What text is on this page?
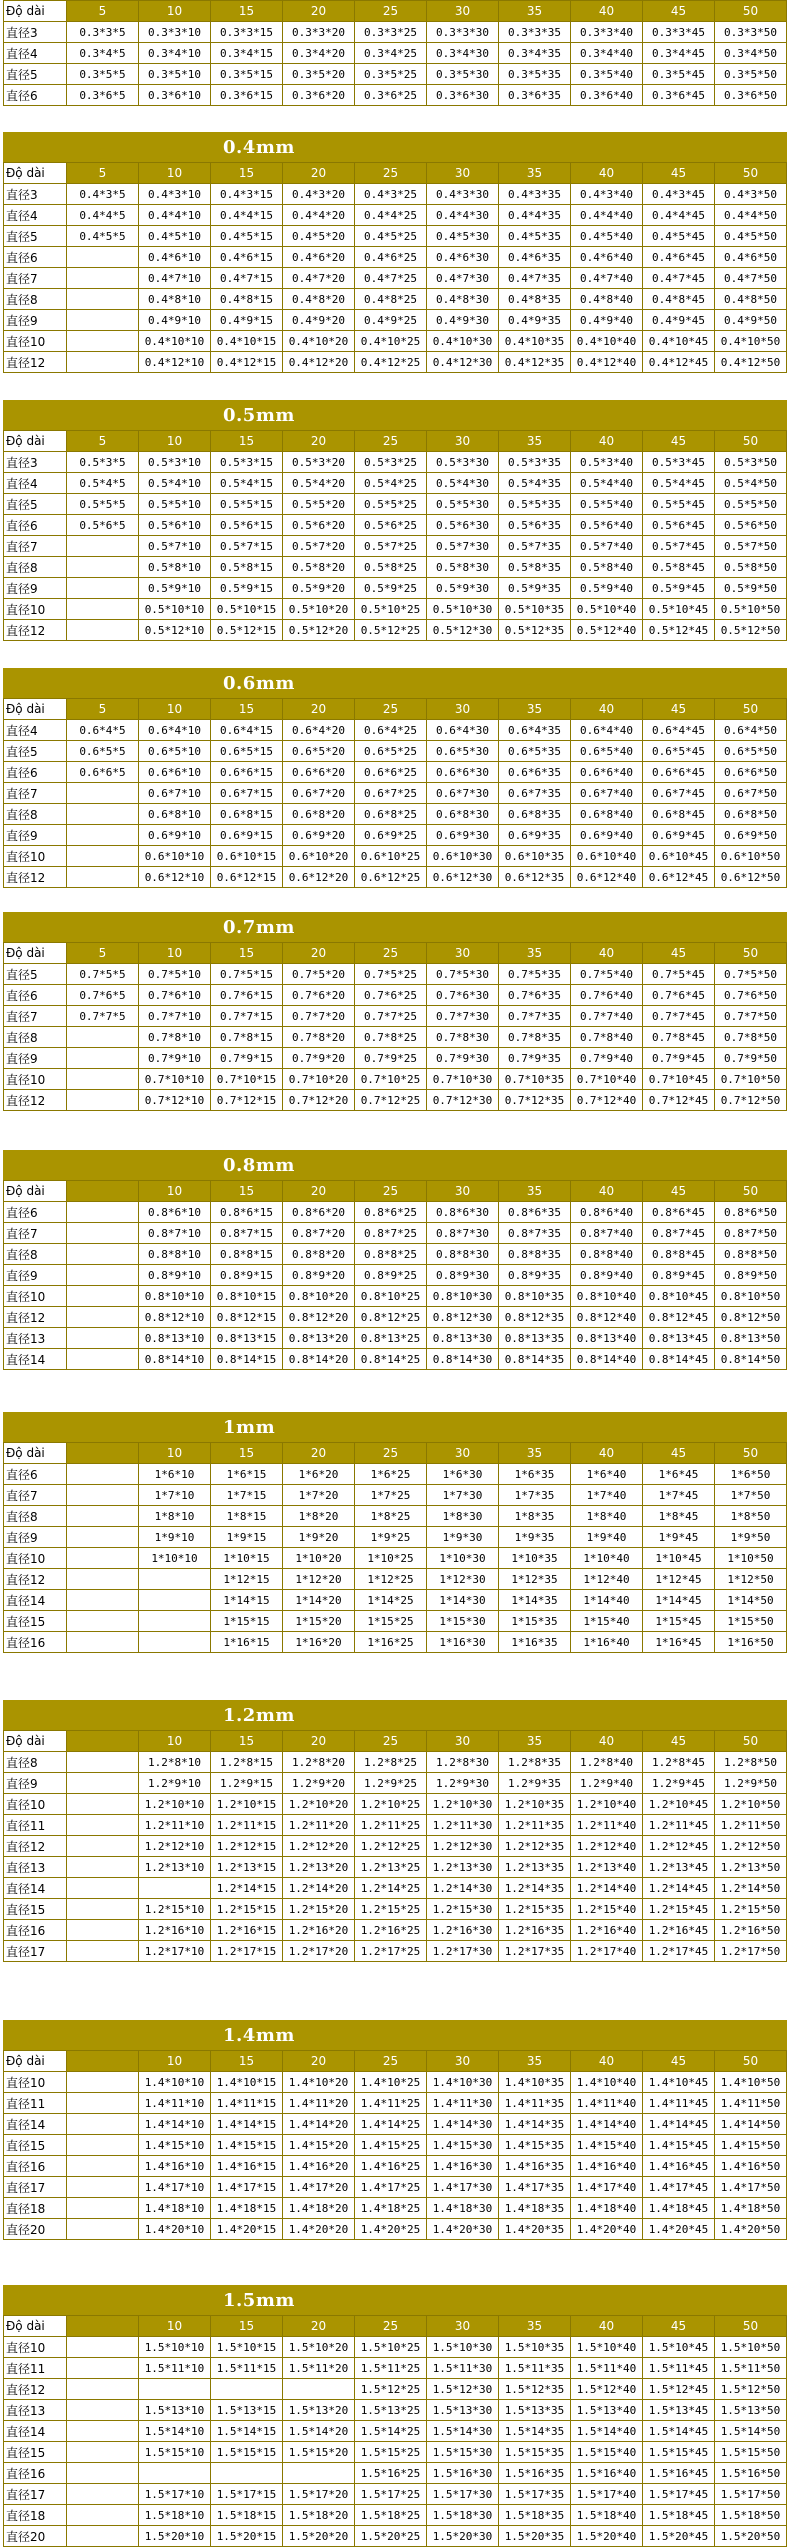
Độ dài	5	10	15	20	25	30	35	40	45	50
直径3	0.3*3*5	0.3*3*10	0.3*3*15	0.3*3*20	0.3*3*25	0.3*3*30	0.3*3*35	0.3*3*40	0.3*3*45	0.3*3*50
直径4	0.3*4*5	0.3*4*10	0.3*4*15	0.3*4*20	0.3*4*25	0.3*4*30	0.3*4*35	0.3*4*40	0.3*4*45	0.3*4*50
直径5	0.3*5*5	0.3*5*10	0.3*5*15	0.3*5*20	0.3*5*25	0.3*5*30	0.3*5*35	0.3*5*40	0.3*5*45	0.3*5*50
直径6	0.3*6*5	0.3*6*10	0.3*6*15	0.3*6*20	0.3*6*25	0.3*6*30	0.3*6*35	0.3*6*40	0.3*6*45	0.3*6*50
0.4mm
Độ dài	5	10	15	20	25	30	35	40	45	50
直径3	0.4*3*5	0.4*3*10	0.4*3*15	0.4*3*20	0.4*3*25	0.4*3*30	0.4*3*35	0.4*3*40	0.4*3*45	0.4*3*50
直径4	0.4*4*5	0.4*4*10	0.4*4*15	0.4*4*20	0.4*4*25	0.4*4*30	0.4*4*35	0.4*4*40	0.4*4*45	0.4*4*50
直径5	0.4*5*5	0.4*5*10	0.4*5*15	0.4*5*20	0.4*5*25	0.4*5*30	0.4*5*35	0.4*5*40	0.4*5*45	0.4*5*50
直径6		0.4*6*10	0.4*6*15	0.4*6*20	0.4*6*25	0.4*6*30	0.4*6*35	0.4*6*40	0.4*6*45	0.4*6*50
直径7		0.4*7*10	0.4*7*15	0.4*7*20	0.4*7*25	0.4*7*30	0.4*7*35	0.4*7*40	0.4*7*45	0.4*7*50
直径8		0.4*8*10	0.4*8*15	0.4*8*20	0.4*8*25	0.4*8*30	0.4*8*35	0.4*8*40	0.4*8*45	0.4*8*50
直径9		0.4*9*10	0.4*9*15	0.4*9*20	0.4*9*25	0.4*9*30	0.4*9*35	0.4*9*40	0.4*9*45	0.4*9*50
直径10		0.4*10*10	0.4*10*15	0.4*10*20	0.4*10*25	0.4*10*30	0.4*10*35	0.4*10*40	0.4*10*45	0.4*10*50
直径12		0.4*12*10	0.4*12*15	0.4*12*20	0.4*12*25	0.4*12*30	0.4*12*35	0.4*12*40	0.4*12*45	0.4*12*50
0.5mm
Độ dài	5	10	15	20	25	30	35	40	45	50
直径3	0.5*3*5	0.5*3*10	0.5*3*15	0.5*3*20	0.5*3*25	0.5*3*30	0.5*3*35	0.5*3*40	0.5*3*45	0.5*3*50
直径4	0.5*4*5	0.5*4*10	0.5*4*15	0.5*4*20	0.5*4*25	0.5*4*30	0.5*4*35	0.5*4*40	0.5*4*45	0.5*4*50
直径5	0.5*5*5	0.5*5*10	0.5*5*15	0.5*5*20	0.5*5*25	0.5*5*30	0.5*5*35	0.5*5*40	0.5*5*45	0.5*5*50
直径6	0.5*6*5	0.5*6*10	0.5*6*15	0.5*6*20	0.5*6*25	0.5*6*30	0.5*6*35	0.5*6*40	0.5*6*45	0.5*6*50
直径7		0.5*7*10	0.5*7*15	0.5*7*20	0.5*7*25	0.5*7*30	0.5*7*35	0.5*7*40	0.5*7*45	0.5*7*50
直径8		0.5*8*10	0.5*8*15	0.5*8*20	0.5*8*25	0.5*8*30	0.5*8*35	0.5*8*40	0.5*8*45	0.5*8*50
直径9		0.5*9*10	0.5*9*15	0.5*9*20	0.5*9*25	0.5*9*30	0.5*9*35	0.5*9*40	0.5*9*45	0.5*9*50
直径10		0.5*10*10	0.5*10*15	0.5*10*20	0.5*10*25	0.5*10*30	0.5*10*35	0.5*10*40	0.5*10*45	0.5*10*50
直径12		0.5*12*10	0.5*12*15	0.5*12*20	0.5*12*25	0.5*12*30	0.5*12*35	0.5*12*40	0.5*12*45	0.5*12*50
0.6mm
Độ dài	5	10	15	20	25	30	35	40	45	50
直径4	0.6*4*5	0.6*4*10	0.6*4*15	0.6*4*20	0.6*4*25	0.6*4*30	0.6*4*35	0.6*4*40	0.6*4*45	0.6*4*50
直径5	0.6*5*5	0.6*5*10	0.6*5*15	0.6*5*20	0.6*5*25	0.6*5*30	0.6*5*35	0.6*5*40	0.6*5*45	0.6*5*50
直径6	0.6*6*5	0.6*6*10	0.6*6*15	0.6*6*20	0.6*6*25	0.6*6*30	0.6*6*35	0.6*6*40	0.6*6*45	0.6*6*50
直径7		0.6*7*10	0.6*7*15	0.6*7*20	0.6*7*25	0.6*7*30	0.6*7*35	0.6*7*40	0.6*7*45	0.6*7*50
直径8		0.6*8*10	0.6*8*15	0.6*8*20	0.6*8*25	0.6*8*30	0.6*8*35	0.6*8*40	0.6*8*45	0.6*8*50
直径9		0.6*9*10	0.6*9*15	0.6*9*20	0.6*9*25	0.6*9*30	0.6*9*35	0.6*9*40	0.6*9*45	0.6*9*50
直径10		0.6*10*10	0.6*10*15	0.6*10*20	0.6*10*25	0.6*10*30	0.6*10*35	0.6*10*40	0.6*10*45	0.6*10*50
直径12		0.6*12*10	0.6*12*15	0.6*12*20	0.6*12*25	0.6*12*30	0.6*12*35	0.6*12*40	0.6*12*45	0.6*12*50
0.7mm
Độ dài	5	10	15	20	25	30	35	40	45	50
直径5	0.7*5*5	0.7*5*10	0.7*5*15	0.7*5*20	0.7*5*25	0.7*5*30	0.7*5*35	0.7*5*40	0.7*5*45	0.7*5*50
直径6	0.7*6*5	0.7*6*10	0.7*6*15	0.7*6*20	0.7*6*25	0.7*6*30	0.7*6*35	0.7*6*40	0.7*6*45	0.7*6*50
直径7	0.7*7*5	0.7*7*10	0.7*7*15	0.7*7*20	0.7*7*25	0.7*7*30	0.7*7*35	0.7*7*40	0.7*7*45	0.7*7*50
直径8		0.7*8*10	0.7*8*15	0.7*8*20	0.7*8*25	0.7*8*30	0.7*8*35	0.7*8*40	0.7*8*45	0.7*8*50
直径9		0.7*9*10	0.7*9*15	0.7*9*20	0.7*9*25	0.7*9*30	0.7*9*35	0.7*9*40	0.7*9*45	0.7*9*50
直径10		0.7*10*10	0.7*10*15	0.7*10*20	0.7*10*25	0.7*10*30	0.7*10*35	0.7*10*40	0.7*10*45	0.7*10*50
直径12		0.7*12*10	0.7*12*15	0.7*12*20	0.7*12*25	0.7*12*30	0.7*12*35	0.7*12*40	0.7*12*45	0.7*12*50
0.8mm
Độ dài		10	15	20	25	30	35	40	45	50
直径6		0.8*6*10	0.8*6*15	0.8*6*20	0.8*6*25	0.8*6*30	0.8*6*35	0.8*6*40	0.8*6*45	0.8*6*50
直径7		0.8*7*10	0.8*7*15	0.8*7*20	0.8*7*25	0.8*7*30	0.8*7*35	0.8*7*40	0.8*7*45	0.8*7*50
直径8		0.8*8*10	0.8*8*15	0.8*8*20	0.8*8*25	0.8*8*30	0.8*8*35	0.8*8*40	0.8*8*45	0.8*8*50
直径9		0.8*9*10	0.8*9*15	0.8*9*20	0.8*9*25	0.8*9*30	0.8*9*35	0.8*9*40	0.8*9*45	0.8*9*50
直径10		0.8*10*10	0.8*10*15	0.8*10*20	0.8*10*25	0.8*10*30	0.8*10*35	0.8*10*40	0.8*10*45	0.8*10*50
直径12		0.8*12*10	0.8*12*15	0.8*12*20	0.8*12*25	0.8*12*30	0.8*12*35	0.8*12*40	0.8*12*45	0.8*12*50
直径13		0.8*13*10	0.8*13*15	0.8*13*20	0.8*13*25	0.8*13*30	0.8*13*35	0.8*13*40	0.8*13*45	0.8*13*50
直径14		0.8*14*10	0.8*14*15	0.8*14*20	0.8*14*25	0.8*14*30	0.8*14*35	0.8*14*40	0.8*14*45	0.8*14*50
1mm
Độ dài		10	15	20	25	30	35	40	45	50
直径6		1*6*10	1*6*15	1*6*20	1*6*25	1*6*30	1*6*35	1*6*40	1*6*45	1*6*50
直径7		1*7*10	1*7*15	1*7*20	1*7*25	1*7*30	1*7*35	1*7*40	1*7*45	1*7*50
直径8		1*8*10	1*8*15	1*8*20	1*8*25	1*8*30	1*8*35	1*8*40	1*8*45	1*8*50
直径9		1*9*10	1*9*15	1*9*20	1*9*25	1*9*30	1*9*35	1*9*40	1*9*45	1*9*50
直径10		1*10*10	1*10*15	1*10*20	1*10*25	1*10*30	1*10*35	1*10*40	1*10*45	1*10*50
直径12			1*12*15	1*12*20	1*12*25	1*12*30	1*12*35	1*12*40	1*12*45	1*12*50
直径14			1*14*15	1*14*20	1*14*25	1*14*30	1*14*35	1*14*40	1*14*45	1*14*50
直径15			1*15*15	1*15*20	1*15*25	1*15*30	1*15*35	1*15*40	1*15*45	1*15*50
直径16			1*16*15	1*16*20	1*16*25	1*16*30	1*16*35	1*16*40	1*16*45	1*16*50
1.2mm
Độ dài		10	15	20	25	30	35	40	45	50
直径8		1.2*8*10	1.2*8*15	1.2*8*20	1.2*8*25	1.2*8*30	1.2*8*35	1.2*8*40	1.2*8*45	1.2*8*50
直径9		1.2*9*10	1.2*9*15	1.2*9*20	1.2*9*25	1.2*9*30	1.2*9*35	1.2*9*40	1.2*9*45	1.2*9*50
直径10		1.2*10*10	1.2*10*15	1.2*10*20	1.2*10*25	1.2*10*30	1.2*10*35	1.2*10*40	1.2*10*45	1.2*10*50
直径11		1.2*11*10	1.2*11*15	1.2*11*20	1.2*11*25	1.2*11*30	1.2*11*35	1.2*11*40	1.2*11*45	1.2*11*50
直径12		1.2*12*10	1.2*12*15	1.2*12*20	1.2*12*25	1.2*12*30	1.2*12*35	1.2*12*40	1.2*12*45	1.2*12*50
直径13		1.2*13*10	1.2*13*15	1.2*13*20	1.2*13*25	1.2*13*30	1.2*13*35	1.2*13*40	1.2*13*45	1.2*13*50
直径14			1.2*14*15	1.2*14*20	1.2*14*25	1.2*14*30	1.2*14*35	1.2*14*40	1.2*14*45	1.2*14*50
直径15		1.2*15*10	1.2*15*15	1.2*15*20	1.2*15*25	1.2*15*30	1.2*15*35	1.2*15*40	1.2*15*45	1.2*15*50
直径16		1.2*16*10	1.2*16*15	1.2*16*20	1.2*16*25	1.2*16*30	1.2*16*35	1.2*16*40	1.2*16*45	1.2*16*50
直径17		1.2*17*10	1.2*17*15	1.2*17*20	1.2*17*25	1.2*17*30	1.2*17*35	1.2*17*40	1.2*17*45	1.2*17*50
1.4mm
Độ dài		10	15	20	25	30	35	40	45	50
直径10		1.4*10*10	1.4*10*15	1.4*10*20	1.4*10*25	1.4*10*30	1.4*10*35	1.4*10*40	1.4*10*45	1.4*10*50
直径11		1.4*11*10	1.4*11*15	1.4*11*20	1.4*11*25	1.4*11*30	1.4*11*35	1.4*11*40	1.4*11*45	1.4*11*50
直径14		1.4*14*10	1.4*14*15	1.4*14*20	1.4*14*25	1.4*14*30	1.4*14*35	1.4*14*40	1.4*14*45	1.4*14*50
直径15		1.4*15*10	1.4*15*15	1.4*15*20	1.4*15*25	1.4*15*30	1.4*15*35	1.4*15*40	1.4*15*45	1.4*15*50
直径16		1.4*16*10	1.4*16*15	1.4*16*20	1.4*16*25	1.4*16*30	1.4*16*35	1.4*16*40	1.4*16*45	1.4*16*50
直径17		1.4*17*10	1.4*17*15	1.4*17*20	1.4*17*25	1.4*17*30	1.4*17*35	1.4*17*40	1.4*17*45	1.4*17*50
直径18		1.4*18*10	1.4*18*15	1.4*18*20	1.4*18*25	1.4*18*30	1.4*18*35	1.4*18*40	1.4*18*45	1.4*18*50
直径20		1.4*20*10	1.4*20*15	1.4*20*20	1.4*20*25	1.4*20*30	1.4*20*35	1.4*20*40	1.4*20*45	1.4*20*50
1.5mm
Độ dài		10	15	20	25	30	35	40	45	50
直径10		1.5*10*10	1.5*10*15	1.5*10*20	1.5*10*25	1.5*10*30	1.5*10*35	1.5*10*40	1.5*10*45	1.5*10*50
直径11		1.5*11*10	1.5*11*15	1.5*11*20	1.5*11*25	1.5*11*30	1.5*11*35	1.5*11*40	1.5*11*45	1.5*11*50
直径12					1.5*12*25	1.5*12*30	1.5*12*35	1.5*12*40	1.5*12*45	1.5*12*50
直径13		1.5*13*10	1.5*13*15	1.5*13*20	1.5*13*25	1.5*13*30	1.5*13*35	1.5*13*40	1.5*13*45	1.5*13*50
直径14		1.5*14*10	1.5*14*15	1.5*14*20	1.5*14*25	1.5*14*30	1.5*14*35	1.5*14*40	1.5*14*45	1.5*14*50
直径15		1.5*15*10	1.5*15*15	1.5*15*20	1.5*15*25	1.5*15*30	1.5*15*35	1.5*15*40	1.5*15*45	1.5*15*50
直径16					1.5*16*25	1.5*16*30	1.5*16*35	1.5*16*40	1.5*16*45	1.5*16*50
直径17		1.5*17*10	1.5*17*15	1.5*17*20	1.5*17*25	1.5*17*30	1.5*17*35	1.5*17*40	1.5*17*45	1.5*17*50
直径18		1.5*18*10	1.5*18*15	1.5*18*20	1.5*18*25	1.5*18*30	1.5*18*35	1.5*18*40	1.5*18*45	1.5*18*50
直径20		1.5*20*10	1.5*20*15	1.5*20*20	1.5*20*25	1.5*20*30	1.5*20*35	1.5*20*40	1.5*20*45	1.5*20*50
